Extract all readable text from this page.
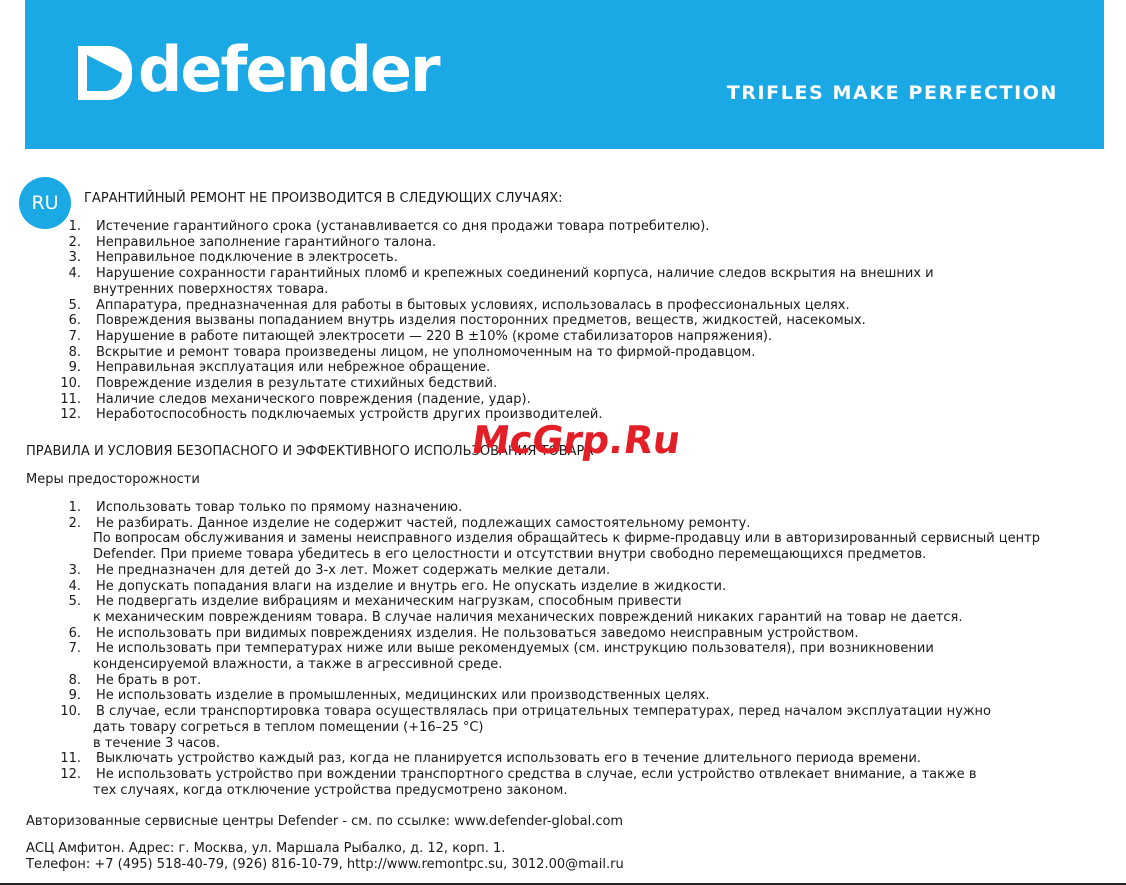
defender	TRIFLES MAKE PERFECTION
RU	ГАРАНТИЙНЫЙ РЕМОНТ НЕ ПРОИЗВОДИТСЯ В СЛЕДУЮЩИХ СЛУЧАЯХ:
1. Истечение гарантийного срока (устанавливается со дня продажи товара потребителю).
2. Неправильное заполнение гарантийного талона.
3. Неправильное подключение в электросеть.
4. Нарушение сохранности гарантийных пломб и крепежных соединений корпуса, наличие следов вскрытия на внешних и
внутренних поверхностях товара.
5. Аппаратура, предназначенная для работы в бытовых условиях, использовалась в профессиональных целях.
6. Повреждения вызваны попаданием внутрь изделия посторонних предметов, веществ, жидкостей, насекомых.
7. Нарушение в работе питающей электросети — 220 В ±10% (кроме стабилизаторов напряжения).
8. Вскрытие и ремонт товара произведены лицом, не уполномоченным на то фирмой-продавцом.
9. Неправильная эксплуатация или небрежное обращение.
10. Повреждение изделия в результате стихийных бедствий.
11. Наличие следов механического повреждения (падение, удар).
12. Неработоспособность подключаемых устройств других производителей.
ПРАВИЛА И УСЛОВИЯ БЕЗОПАСНОГО И ЭФФЕКТИВНОГО ИСПОЛЬЗОВАНИЯ ТОВАРА
McGrp.Ru
Меры предосторожности
1. Использовать товар только по прямому назначению.
2. Не разбирать. Данное изделие не содержит частей, подлежащих самостоятельному ремонту.
По вопросам обслуживания и замены неисправного изделия обращайтесь к фирме-продавцу или в авторизированный сервисный центр
Defender. При приеме товара убедитесь в его целостности и отсутствии внутри свободно перемещающихся предметов.
3. Не предназначен для детей до 3-х лет. Может содержать мелкие детали.
4. Не допускать попадания влаги на изделие и внутрь его. Не опускать изделие в жидкости.
5. Не подвергать изделие вибрациям и механическим нагрузкам, способным привести
к механическим повреждениям товара. В случае наличия механических повреждений никаких гарантий на товар не дается.
6. Не использовать при видимых повреждениях изделия. Не пользоваться заведомо неисправным устройством.
7. Не использовать при температурах ниже или выше рекомендуемых (см. инструкцию пользователя), при возникновении
конденсируемой влажности, а также в агрессивной среде.
8. Не брать в рот.
9. Не использовать изделие в промышленных, медицинских или производственных целях.
10. В случае, если транспортировка товара осуществлялась при отрицательных температурах, перед началом эксплуатации нужно
дать товару согреться в теплом помещении (+16–25 °С)
в течение 3 часов.
11. Выключать устройство каждый раз, когда не планируется использовать его в течение длительного периода времени.
12. Не использовать устройство при вождении транспортного средства в случае, если устройство отвлекает внимание, а также в
тех случаях, когда отключение устройства предусмотрено законом.
Авторизованные сервисные центры Defender - см. по ссылке: www.defender-global.com
АСЦ Амфитон. Адрес: г. Москва, ул. Маршала Рыбалко, д. 12, корп. 1.
Телефон: +7 (495) 518-40-79, (926) 816-10-79, http://www.remontpc.su, 3012.00@mail.ru
